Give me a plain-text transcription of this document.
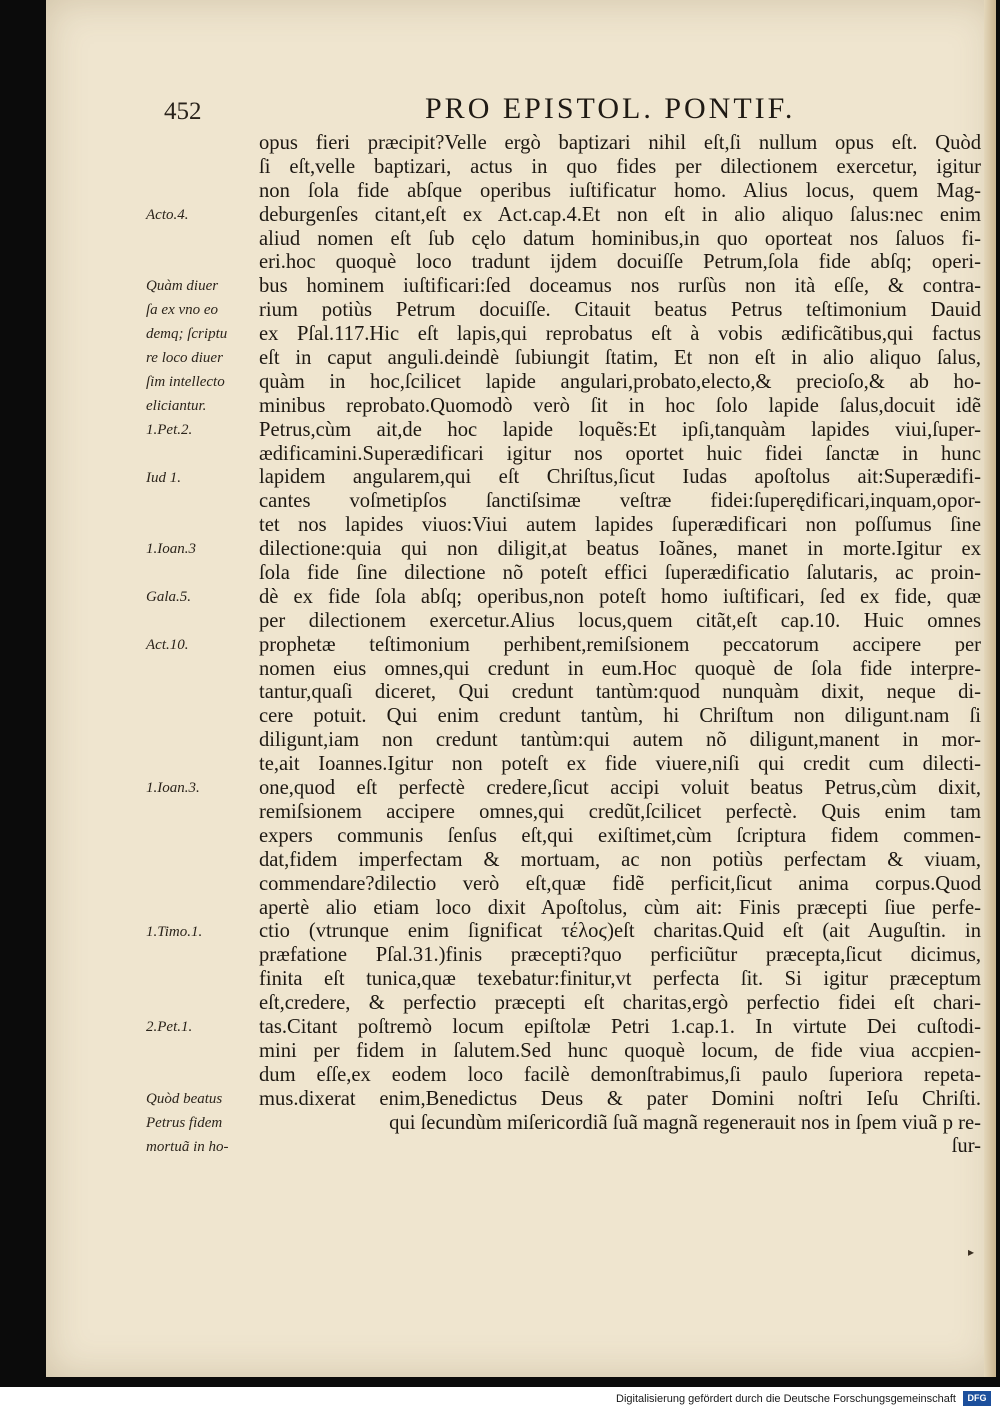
452	PRO EPISTOL. PONTIF.
Acto.4.
Quàm diuer
ſa ex vno eo
demq; ſcriptu
re loco diuer
ſim intellecto
eliciantur.
1.Pet.2.
Iud 1.
1.Ioan.3
Gala.5.
Act.10.
1.Ioan.3.
1.Timo.1.
2.Pet.1.
Quòd beatus
Petrus fidem
mortuã in ho-
opus fieri præcipit?Velle ergò baptizari nihil eſt,ſi nullum opus eſt. Quòd
ſi eſt,velle baptizari, actus in quo fides per dilectionem exercetur, igitur
non ſola fide abſque operibus iuſtificatur homo. Alius locus, quem Mag-
deburgenſes citant,eſt ex Act.cap.4.Et non eſt in alio aliquo ſalus:nec enim
aliud nomen eſt ſub cęlo datum hominibus,in quo oporteat nos ſaluos fi-
eri.hoc quoquè loco tradunt ijdem docuiſſe Petrum,ſola fide abſq; operi-
bus hominem iuſtificari:ſed doceamus nos rurſùs non ità eſſe, & contra-
rium potiùs Petrum docuiſſe. Citauit beatus Petrus teſtimonium Dauid
ex Pſal.117.Hic eſt lapis,qui reprobatus eſt à vobis ædificãtibus,qui factus
eſt in caput anguli.deindè ſubiungit ſtatim, Et non eſt in alio aliquo ſalus,
quàm in hoc,ſcilicet lapide angulari,probato,electo,& precioſo,& ab ho-
minibus reprobato.Quomodò verò ſit in hoc ſolo lapide ſalus,docuit idẽ
Petrus,cùm ait,de hoc lapide loquẽs:Et ipſi,tanquàm lapides viui,ſuper-
ædificamini.Superædificari igitur nos oportet huic fidei ſanctæ in hunc
lapidem angularem,qui eſt Chriſtus,ſicut Iudas apoſtolus ait:Superædifi-
cantes voſmetipſos ſanctiſsimæ veſtræ fidei:ſuperędificari,inquam,opor-
tet nos lapides viuos:Viui autem lapides ſuperædificari non poſſumus ſine
dilectione:quia qui non diligit,at beatus Ioãnes, manet in morte.Igitur ex
ſola fide ſine dilectione nõ poteſt effici ſuperædificatio ſalutaris, ac proin-
dè ex fide ſola abſq; operibus,non poteſt homo iuſtificari, ſed ex fide, quæ
per dilectionem exercetur.Alius locus,quem citãt,eſt cap.10. Huic omnes
prophetæ teſtimonium perhibent,remiſsionem peccatorum accipere per
nomen eius omnes,qui credunt in eum.Hoc quoquè de ſola fide interpre-
tantur,quaſi diceret, Qui credunt tantùm:quod nunquàm dixit, neque di-
cere potuit. Qui enim credunt tantùm, hi Chriſtum non diligunt.nam ſi
diligunt,iam non credunt tantùm:qui autem nõ diligunt,manent in mor-
te,ait Ioannes.Igitur non poteſt ex fide viuere,niſi qui credit cum dilecti-
one,quod eſt perfectè credere,ſicut accipi voluit beatus Petrus,cùm dixit,
remiſsionem accipere omnes,qui credũt,ſcilicet perfectè. Quis enim tam
expers communis ſenſus eſt,qui exiſtimet,cùm ſcriptura fidem commen-
dat,fidem imperfectam & mortuam, ac non potiùs perfectam & viuam,
commendare?dilectio verò eſt,quæ fidẽ perficit,ſicut anima corpus.Quod
apertè alio etiam loco dixit Apoſtolus, cùm ait: Finis præcepti ſiue perfe-
ctio (vtrunque enim ſignificat τέλοϛ)eſt charitas.Quid eſt (ait Auguſtin. in
præfatione Pſal.31.)finis præcepti?quo perficiũtur præcepta,ſicut dicimus,
finita eſt tunica,quæ texebatur:finitur,vt perfecta ſit. Si igitur præceptum
eſt,credere, & perfectio præcepti eſt charitas,ergò perfectio fidei eſt chari-
tas.Citant poſtremò locum epiſtolæ Petri 1.cap.1. In virtute Dei cuſtodi-
mini per fidem in ſalutem.Sed hunc quoquè locum, de fide viua accpien-
dum eſſe,ex eodem loco facilè demonſtrabimus,ſi paulo ſuperiora repeta-
mus.dixerat enim,Benedictus Deus & pater Domini noſtri Ieſu Chriſti.
qui ſecundùm miſericordiã ſuã magnã regenerauit nos in ſpem viuã p re-
ſur-
▸
Digitalisierung gefördert durch die Deutsche Forschungsgemeinschaft	DFG
